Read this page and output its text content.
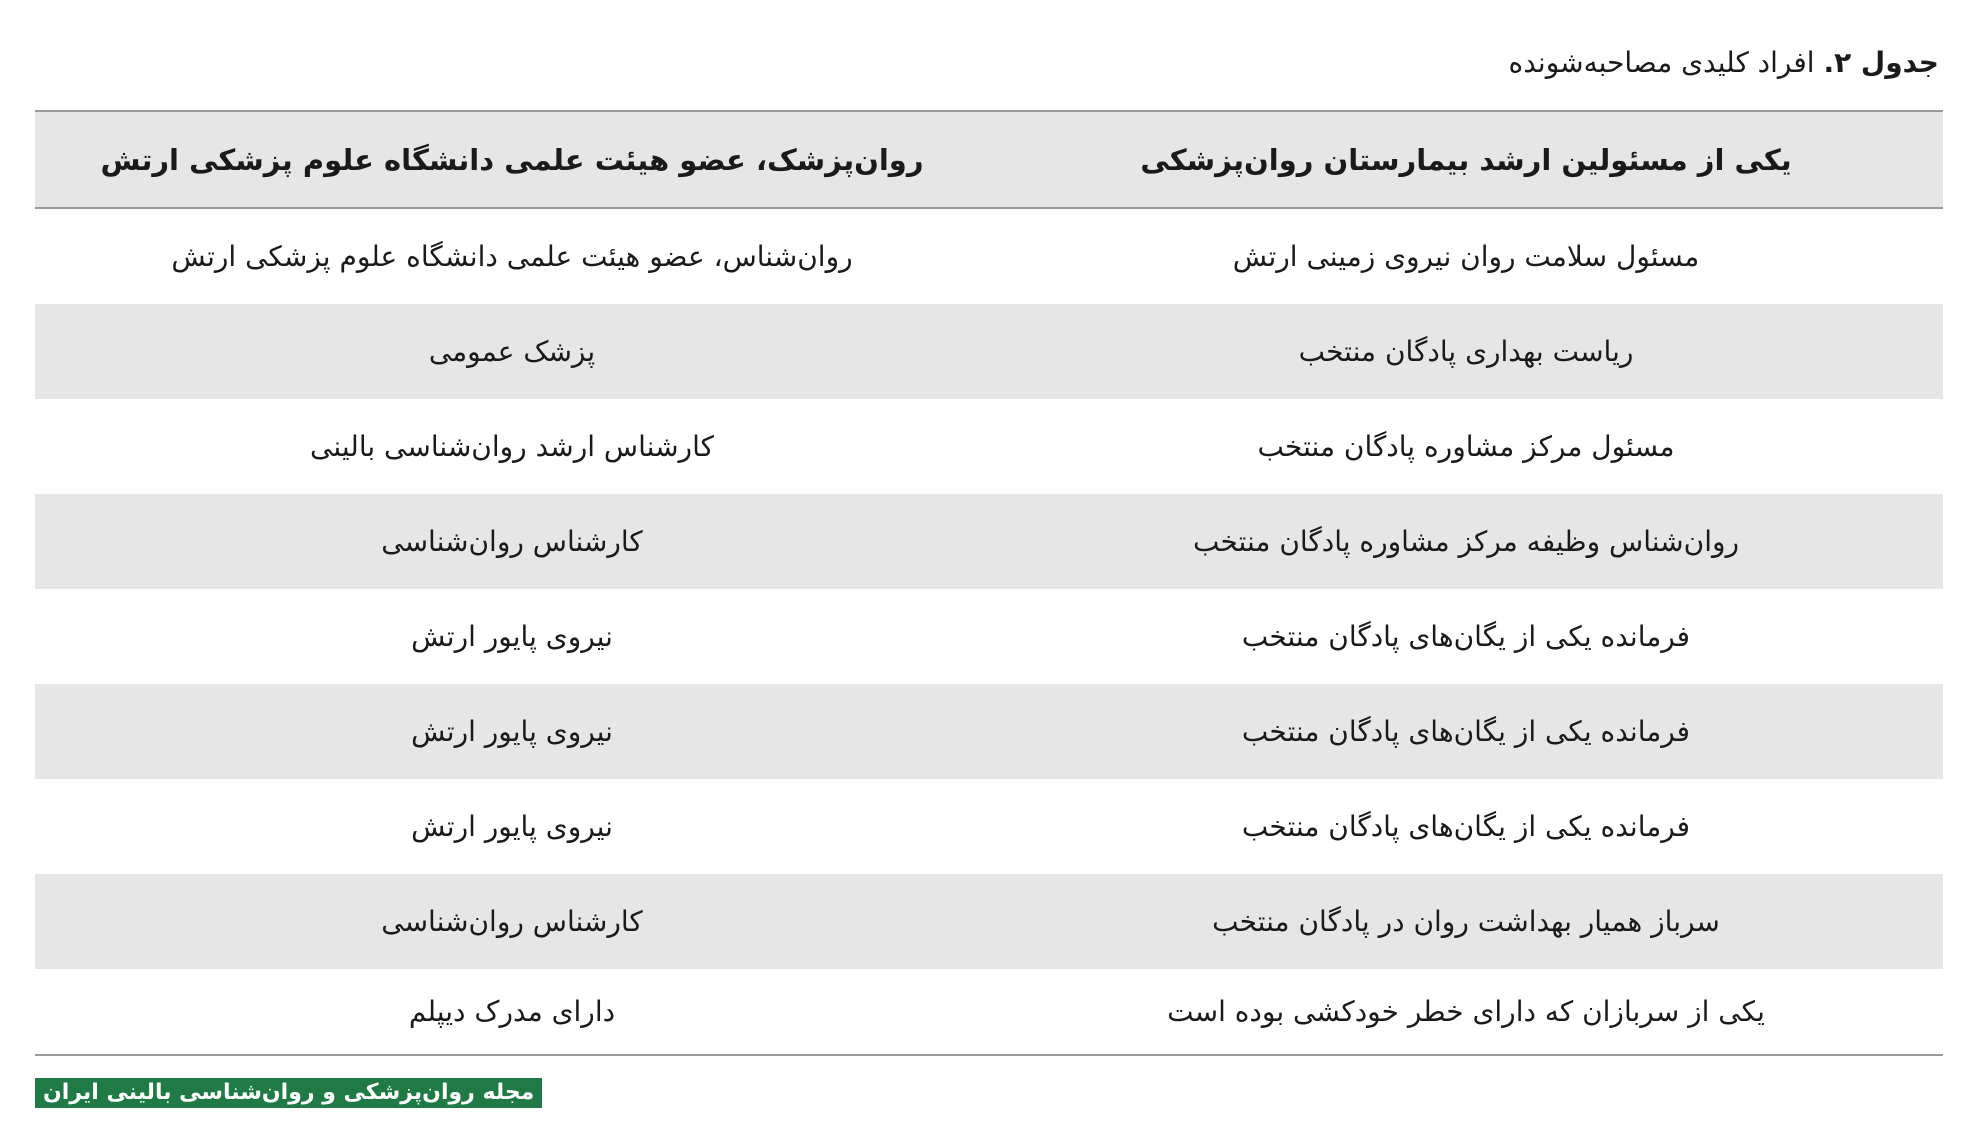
جدول ۲. افراد کلیدی مصاحبه‌شونده
یکی از مسئولین ارشد بیمارستان روان‌پزشکی
روان‌پزشک، عضو هیئت علمی دانشگاه علوم پزشکی ارتش
مسئول سلامت روان نیروی زمینی ارتش
روان‌شناس، عضو هیئت علمی دانشگاه علوم پزشکی ارتش
ریاست بهداری پادگان منتخب
پزشک عمومی
مسئول مرکز مشاوره پادگان منتخب
کارشناس ارشد روان‌شناسی بالینی
روان‌شناس وظیفه مرکز مشاوره پادگان منتخب
کارشناس روان‌شناسی
فرمانده یکی از یگان‌های پادگان منتخب
نیروی پایور ارتش
فرمانده یکی از یگان‌های پادگان منتخب
نیروی پایور ارتش
فرمانده یکی از یگان‌های پادگان منتخب
نیروی پایور ارتش
سرباز همیار بهداشت روان در پادگان منتخب
کارشناس روان‌شناسی
یکی از سربازان که دارای خطر خودکشی بوده است
دارای مدرک دیپلم
مجله روان‌پزشکی و روان‌شناسی بالینی ایران
